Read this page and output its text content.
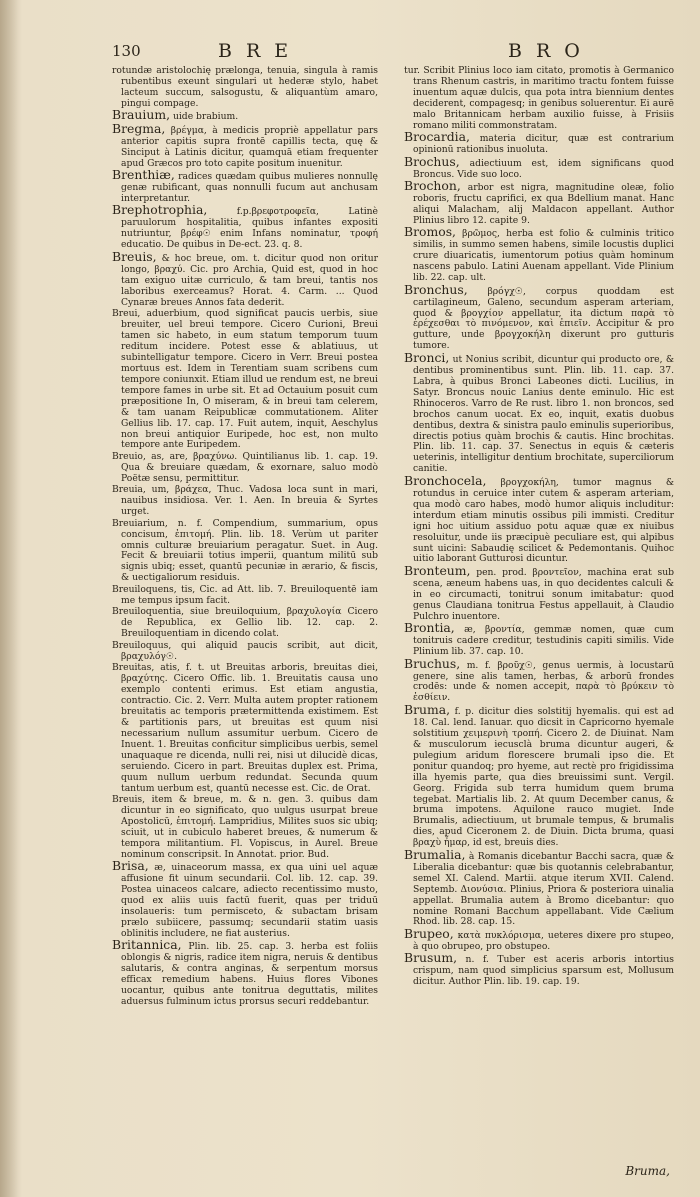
130	BRE	BRO

rotundæ aristolochię prælonga, tenuia, singula à ramis rubentibus exeunt singulari ut hederæ stylo, habet lacteum succum, salsogustu, & aliquantùm amaro, pingui compage.

Brauium, uide brabium.

Bregma, βρέγμα, à medicis propriè appellatur pars anterior capitis supra frontē capillis tecta, quę & Sinciput à Latinis dicitur, quamquā etiam frequenter apud Græcos pro toto capite positum inuenitur.

Brenthiæ, radices quædam quibus mulieres nonnullę genæ rubificant, quas nonnulli fucum aut anchusam interpretantur.

Brephotrophia,	f.p.βρεφοτροφεῖα, Latinè paruulorum hospitalitia, quibus infantes expositi nutriuntur, βρέφ☉ enim Infans nominatur, τροφή educatio. De quibus in De-ect. 23. q. 8.

Breuis, & hoc breue, om. t. dicitur quod non oritur longo, βραχύ. Cic. pro Archia, Quid est, quod in hoc tam exiguo uitæ curriculo, & tam breui, tantis nos laboribus exerceamus? Horat. 4. Carm. ... Quod Cynaræ breues Annos fata dederit.

Breui, aduerbium, quod significat paucis uerbis, siue breuiter, uel breui tempore. Cicero Curioni, Breui tamen sic habeto, in eum statum temporum tuum reditum incidere. Potest esse & ablatiuus, ut subintelligatur tempore. Cicero in Verr. Breui postea mortuus est. Idem in Terentiam suam scribens cum tempore coniunxit. Etiam illud ue rendum est, ne breui tempore fames in urbe sit. Et ad Octauium posuit cum præpositione In, O miseram, & in breui tam celerem, & tam uanam Reipublicæ commutationem. Aliter Gellius lib. 17. cap. 17. Fuit autem, inquit, Aeschylus non breui antiquior Euripede, hoc est, non multo tempore ante Euripedem.

Breuio, as, are, βραχύνω. Quintilianus lib. 1. cap. 19. Qua & breuiare quædam, & exornare, saluo modò Poëtæ sensu, permittitur.

Breuia, um, βράχεα, Thuc. Vadosa loca sunt in mari, nauibus insidiosa. Ver. 1. Aen. In breuia & Syrtes urget.

Breuiarium, n. f. Compendium, summarium, opus concisum, ἐπιτομή. Plin. lib. 18. Verùm ut pariter omnis culturæ breuiarium peragatur. Suet. in Aug. Fecit & breuiarii totius imperii, quantum militū sub signis ubiq; esset, quantū pecuniæ in ærario, & fiscis, & uectigaliorum residuis.

Breuiloquens, tis, Cic. ad Att. lib. 7. Breuiloquentē iam me tempus ipsum facit.

Breuiloquentia, siue breuiloquium, βραχυλογία Cicero de Republica, ex Gellio lib. 12. cap. 2. Breuiloquentiam in dicendo colat.

Breuiloquus, qui aliquid paucis scribit, aut dicit, βραχυλόγ☉.

Breuitas, atis, f. t. ut Breuitas arboris, breuitas diei, βραχύτης. Cicero Offic. lib. 1. Breuitatis causa uno exemplo contenti erimus. Est etiam angustia, contractio. Cic. 2. Verr. Multa autem propter rationem breuitatis ac temporis prætermittenda existimem. Est & partitionis pars, ut breuitas est quum nisi necessarium nullum assumitur uerbum. Cicero de Inuent. 1. Breuitas conficitur simplicibus uerbis, semel unaquaque re dicenda, nulli rei, nisi ut dilucidè dicas, seruiendo. Cicero in part. Breuitas duplex est. Prima, quum nullum uerbum redundat. Secunda quum tantum uerbum est, quantū necesse est. Cic. de Orat.

Breuis, item & breue, m. & n. gen. 3. quibus dam dicuntur in eo significato, quo uulgus usurpat breue Apostolicū, ἐπιτομή. Lampridius, Milites suos sic ubiq; sciuit, ut in cubiculo haberet breues, & numerum & tempora militantium. Fl. Vopiscus, in Aurel. Breue nominum conscripsit. In Annotat. prior. Bud.

Brisa, æ, uinaceorum massa, ex qua uini uel aquæ affusione fit uinum secundarii. Col. lib. 12. cap. 39. Postea uinaceos calcare, adiecto recentissimo musto, quod ex aliis uuis factū fuerit, quas per triduū insolaueris: tum permisceto, & subactam brisam prælo subiicere, passumq; secundarii statim uasis oblinitis includere, ne fiat austerius.

Britannica, Plin. lib. 25. cap. 3. herba est foliis oblongis & nigris, radice item nigra, neruis & dentibus salutaris, & contra anginas, & serpentum morsus efficax remedium habens. Huius flores Vibones uocantur, quibus ante tonitrua deguttatis, milites aduersus fulminum ictus prorsus securi reddebantur.

tur. Scribit Plinius loco iam citato, promotis à Germanico trans Rhenum castris, in maritimo tractu fontem fuisse inuentum aquæ dulcis, qua pota intra biennium dentes deciderent, compagesq; in genibus soluerentur. Ei aurē malo Britannicam herbam auxilio fuisse, à Frisiis romano militi commonstratam.

Brocardia, materia dicitur, quæ est contrarium opinionū rationibus inuoluta.

Brochus, adiectiuum est, idem significans quod Broncus. Vide suo loco.

Brochon, arbor est nigra, magnitudine oleæ, folio roboris, fructu caprifici, ex qua Bdellium manat. Hanc aliqui Malacham, alij Maldacon appellant. Author Plinius libro 12. capite 9.

Bromos, βρῶμος, herba est folio & culminis tritico similis, in summo semen habens, simile locustis duplici crure diuaricatis, iumentorum potius quàm hominum nascens pabulo. Latini Auenam appellant. Vide Plinium lib. 22. cap. ult.

Bronchus, βρόγχ☉, corpus quoddam est cartilagineum, Galeno, secundum asperam arteriam, quod & βρογχίον appellatur, ita dictum παρὰ τὸ ἐρέχεσθαι τὸ πινόμενον, καὶ ἐπιεῖν. Accipitur & pro gutture, unde βρογχοκήλη dixerunt pro gutturis tumore.

Bronci, ut Nonius scribit, dicuntur qui producto ore, & dentibus prominentibus sunt. Plin. lib. 11. cap. 37. Labra, à quibus Bronci Labeones dicti. Lucilius, in Satyr. Broncus nouic Lanius dente eminulo. Hic est Rhinoceros. Varro de Re rust. libro 1. non broncos, sed brochos canum uocat. Ex eo, inquit, exatis duobus dentibus, dextra & sinistra paulo eminulis superioribus, directis potius quàm brochis & cautis. Hinc brochitas. Plin. lib. 11. cap. 37. Senectus in equis & cæteris ueterinis, intelligitur dentium brochitate, superciliorum canitie.

Bronchocela, βρογχοκήλη, tumor magnus & rotundus in ceruice inter cutem & asperam arteriam, qua modò caro habes, modò humor aliquis includitur: interdum etiam minutis ossibus pili immisti. Creditur igni hoc uitium assiduo potu aquæ quæ ex niuibus resoluitur, unde iis præcipuè peculiare est, qui alpibus sunt uicini: Sabaudię scilicet & Pedemontanis. Quihoc uitio laborant Gutturosi dicuntur.

Bronteum, pen. prod. βροντεῖον, machina erat sub scena, æneum habens uas, in quo decidentes calculi & in eo circumacti, tonitrui sonum imitabatur: quod genus Claudiana tonitrua Festus appellauit, à Claudio Pulchro inuentore.

Brontia, æ, βροντία, gemmæ nomen, quæ cum tonitruis cadere creditur, testudinis capiti similis. Vide Plinium lib. 37. cap. 10.

Bruchus, m. f. βροῦχ☉, genus uermis, à locustarū genere, sine alis tamen, herbas, & arborū frondes crodēs: unde & nomen accepit, παρὰ τὸ βρύκειν τὸ ἐσθίειν.

Bruma, f. p. dicitur dies solstitij hyemalis. qui est ad 18. Cal. lend. Ianuar. quo dicsit in Capricorno hyemale solstitium χειμερινὴ τροπή. Cicero 2. de Diuinat. Nam & musculorum iecusclà bruma dicuntur augeri, & pulegium aridum florescere brumali ipso die. Et ponitur quandoq; pro hyeme, aut rectè pro frigidissima illa hyemis parte, qua dies breuissimi sunt. Vergil. Georg. Frigida sub terra humidum quem bruma tegebat. Martialis lib. 2. At quum December canus, & bruma impotens. Aquilone rauco mugiet. Inde Brumalis, adiectiuum, ut brumale tempus, & brumalis dies, apud Ciceronem 2. de Diuin. Dicta bruma, quasi βραχὺ ἦμαρ, id est, breuis dies.

Brumalia, à Romanis dicebantur Bacchi sacra, quæ & Liberalia dicebantur: quæ bis quotannis celebrabantur, semel XI. Calend. Martii. atque iterum XVII. Calend. Septemb. Διονύσια. Plinius, Priora & posteriora uinalia appellat. Brumalia autem à Bromo dicebantur: quo nomine Romani Bacchum appellabant. Vide Cælium Rhod. lib. 28. cap. 15.

Brupeo, κατὰ πυκλόρισμα, ueteres dixere pro stupeo, à quo obrupeo, pro obstupeo.

Brusum, n. f. Tuber est aceris arboris intortius crispum, nam quod simplicius sparsum est, Mollusum dicitur. Author Plin. lib. 19. cap. 19.

Bruma,
